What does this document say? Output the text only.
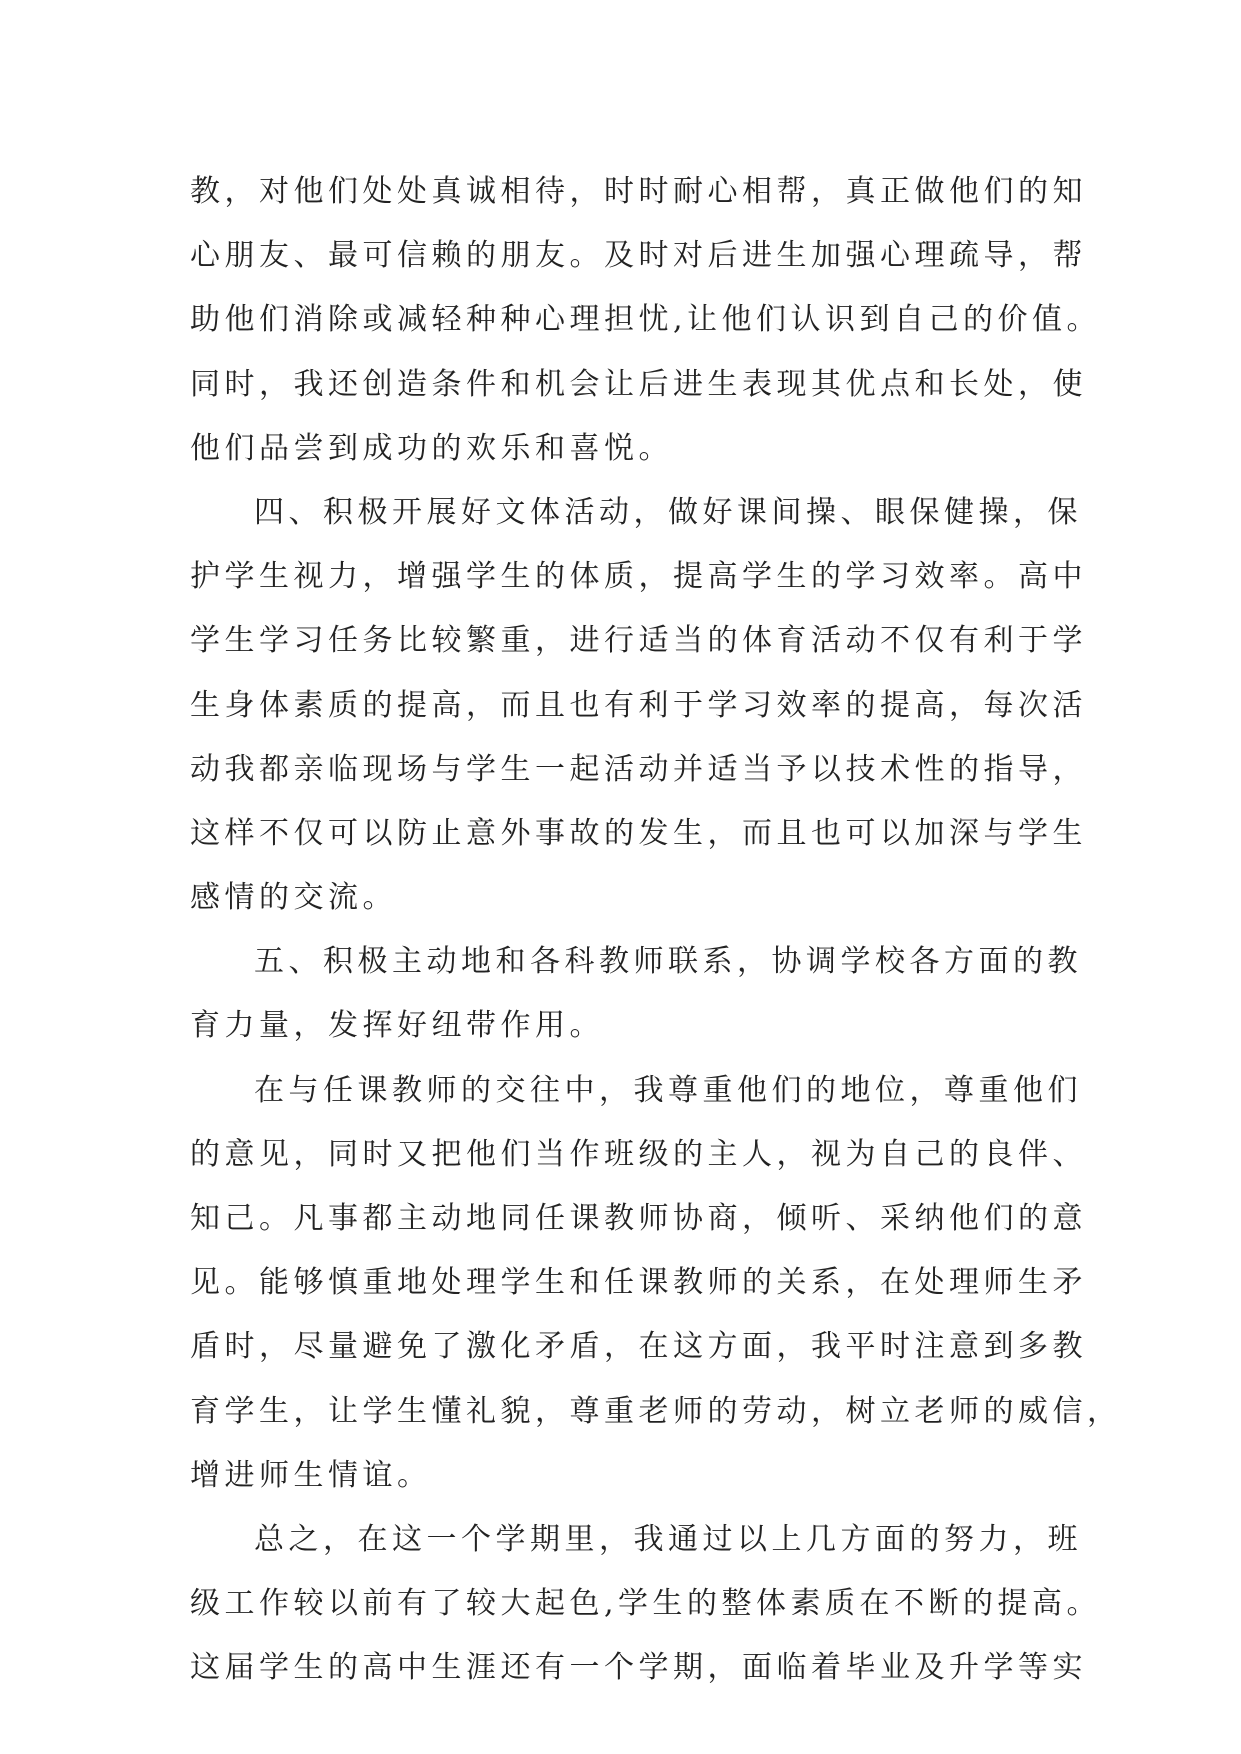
教，对他们处处真诚相待，时时耐心相帮，真正做他们的知
心朋友、最可信赖的朋友。及时对后进生加强心理疏导，帮
助他们消除或减轻种种心理担忧,让他们认识到自己的价值。
同时，我还创造条件和机会让后进生表现其优点和长处，使
他们品尝到成功的欢乐和喜悦。
四、积极开展好文体活动，做好课间操、眼保健操，保
护学生视力，增强学生的体质，提高学生的学习效率。高中
学生学习任务比较繁重，进行适当的体育活动不仅有利于学
生身体素质的提高，而且也有利于学习效率的提高，每次活
动我都亲临现场与学生一起活动并适当予以技术性的指导，
这样不仅可以防止意外事故的发生，而且也可以加深与学生
感情的交流。
五、积极主动地和各科教师联系，协调学校各方面的教
育力量，发挥好纽带作用。
在与任课教师的交往中，我尊重他们的地位，尊重他们
的意见，同时又把他们当作班级的主人，视为自己的良伴、
知己。凡事都主动地同任课教师协商，倾听、采纳他们的意
见。能够慎重地处理学生和任课教师的关系，在处理师生矛
盾时，尽量避免了激化矛盾，在这方面，我平时注意到多教
育学生，让学生懂礼貌，尊重老师的劳动，树立老师的威信，
增进师生情谊。
总之，在这一个学期里，我通过以上几方面的努力，班
级工作较以前有了较大起色,学生的整体素质在不断的提高。
这届学生的高中生涯还有一个学期，面临着毕业及升学等实
